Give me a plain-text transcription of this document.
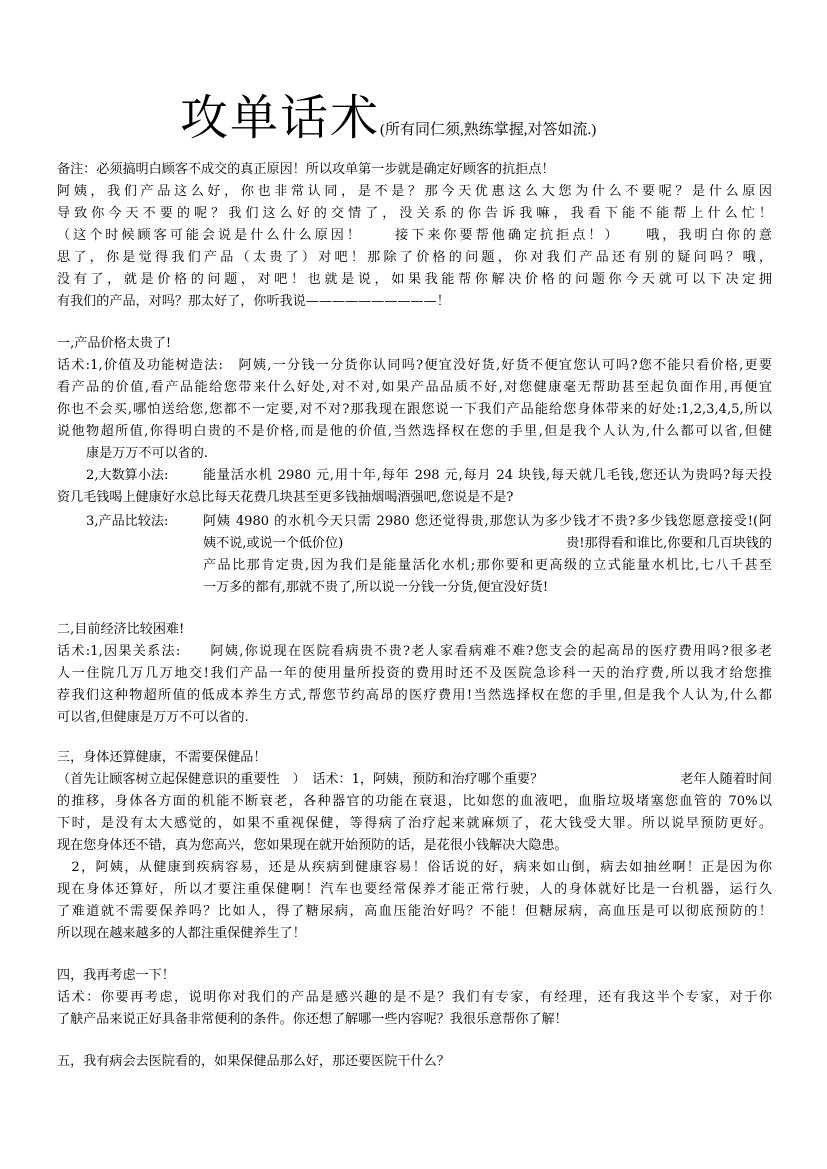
攻单话术(所有同仁须,熟练掌握,对答如流.)
备注：必须搞明白顾客不成交的真正原因！所以攻单第一步就是确定好顾客的抗拒点！
阿姨，我们产品这么好，你也非常认同，是不是？那今天优惠这么大您为什么不要呢？是什么原因
导致你今天不要的呢？我们这么好的交情了，没关系的你告诉我嘛，我看下能不能帮上什么忙！
（这个时候顾客可能会说是什么什么原因！　　接下来你要帮他确定抗拒点！）　　哦，我明白你的意
思了，你是觉得我们产品（太贵了）对吧！那除了价格的问题，你对我们产品还有别的疑问吗？哦，
没有了，就是价格的问题，对吧！也就是说，如果我能帮你解决价格的问题你今天就可以下决定拥
有我们的产品，对吗？那太好了，你听我说——————————！
一,产品价格太贵了!
话术:1,价值及功能树造法:　阿姨,一分钱一分货你认同吗?便宜没好货,好货不便宜您认可吗?您不能只看价格,更要
看产品的价值,看产品能给您带来什么好处,对不对,如果产品品质不好,对您健康毫无帮助甚至起负面作用,再便宜
你也不会买,哪怕送给您,您都不一定要,对不对?那我现在跟您说一下我们产品能给您身体带来的好处:1,2,3,4,5,所以
说他物超所值,你得明白贵的不是价格,而是他的价值,当然选择权在您的手里,但是我个人认为,什么都可以省,但健
康是万万不可以省的.
2,大数算小法:	能量活水机 2980 元,用十年,每年 298 元,每月 24 块钱,每天就几毛钱,您还认为贵吗?每天投
资几毛钱喝上健康好水总比每天花费几块甚至更多钱抽烟喝酒强吧,您说是不是?
3,产品比较法:	阿姨 4980 的水机今天只需 2980 您还觉得贵,那您认为多少钱才不贵?多少钱您愿意接受!(阿
姨不说,或说一个低价位)	贵!那得看和谁比,你要和几百块钱的
产品比那肯定贵,因为我们是能量活化水机;那你要和更高级的立式能量水机比,七八千甚至
一万多的都有,那就不贵了,所以说一分钱一分货,便宜没好货!
二,目前经济比较困难!
话术:1,因果关系法:　　阿姨,你说现在医院看病贵不贵?老人家看病难不难?您支会的起高昂的医疗费用吗?很多老
人一住院几万几万地交!我们产品一年的使用量所投资的费用时还不及医院急诊科一天的治疗费,所以我才给您推
荐我们这种物超所值的低成本养生方式,帮您节约高昂的医疗费用!当然选择权在您的手里,但是我个人认为,什么都
可以省,但健康是万万不可以省的.
三，身体还算健康，不需要保健品！
（首先让顾客树立起保健意识的重要性　）　话术：1，阿姨，预防和治疗哪个重要？	老年人随着时间
的推移，身体各方面的机能不断衰老，各种器官的功能在衰退，比如您的血液吧，血脂垃圾堵塞您血管的 70%以
下时，是没有太大感觉的，如果不重视保健，等得病了治疗起来就麻烦了，花大钱受大罪。所以说早预防更好。
现在您身体还不错，真为您高兴，您如果现在就开始预防的话，是花很小钱解决大隐患。
　2，阿姨，从健康到疾病容易，还是从疾病到健康容易！俗话说的好，病来如山倒，病去如抽丝啊！正是因为你
现在身体还算好，所以才要注重保健啊！汽车也要经常保养才能正常行驶，人的身体就好比是一台机器，运行久
了难道就不需要保养吗？比如人，得了糖尿病，高血压能治好吗？不能！但糖尿病，高血压是可以彻底预防的！
所以现在越来越多的人都注重保健养生了！
四，我再考虑一下！
话术：你要再考虑，说明你对我们的产品是感兴趣的是不是？我们有专家，有经理，还有我这半个专家，对于你
了觖产品来说正好具备非常便利的条件。你还想了解哪一些内容呢？我很乐意帮你了解！
五，我有病会去医院看的，如果保健品那么好，那还要医院干什么？
